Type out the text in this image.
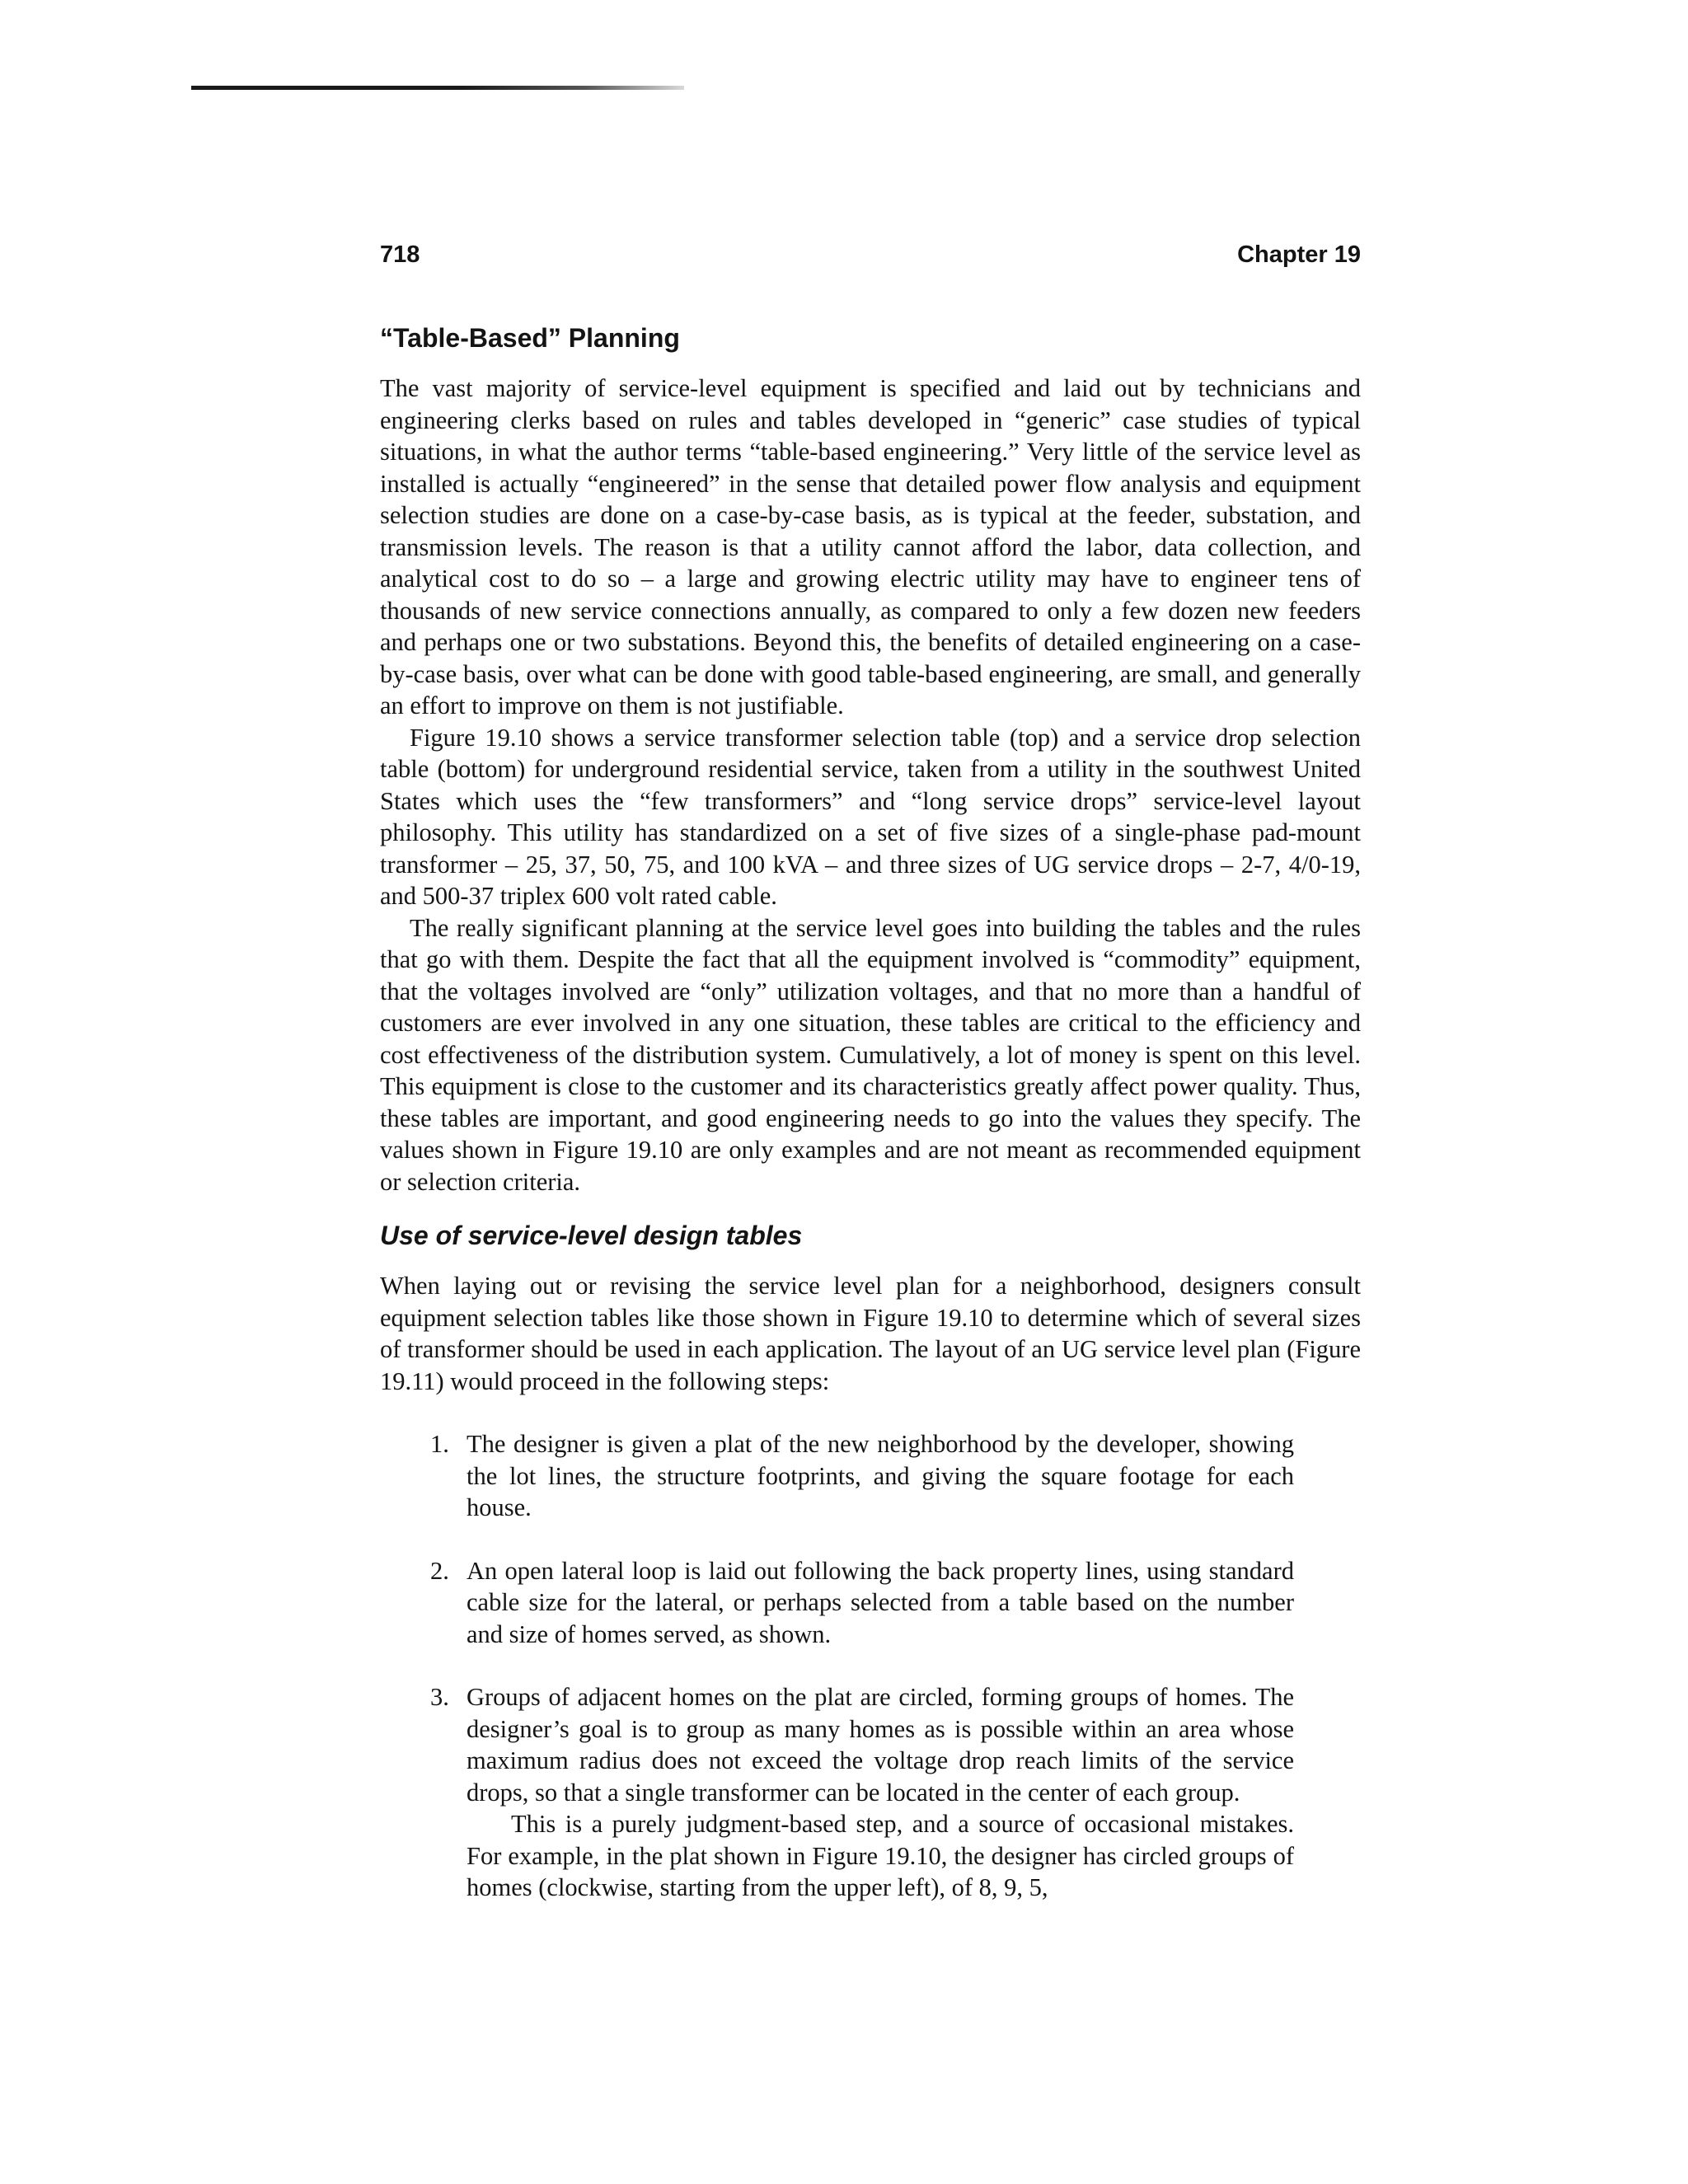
718	Chapter 19
“Table-Based” Planning

The vast majority of service-level equipment is specified and laid out by technicians and engineering clerks based on rules and tables developed in “generic” case studies of typical situations, in what the author terms “table-based engineering.” Very little of the service level as installed is actually “engineered” in the sense that detailed power flow analysis and equipment selection studies are done on a case-by-case basis, as is typical at the feeder, substation, and transmission levels. The reason is that a utility cannot afford the labor, data collection, and analytical cost to do so – a large and growing electric utility may have to engineer tens of thousands of new service connections annually, as compared to only a few dozen new feeders and perhaps one or two substations. Beyond this, the benefits of detailed engineering on a case-by-case basis, over what can be done with good table-based engineering, are small, and generally an effort to improve on them is not justifiable.

Figure 19.10 shows a service transformer selection table (top) and a service drop selection table (bottom) for underground residential service, taken from a utility in the southwest United States which uses the “few transformers” and “long service drops” service-level layout philosophy. This utility has standardized on a set of five sizes of a single-phase pad-mount transformer – 25, 37, 50, 75, and 100 kVA – and three sizes of UG service drops – 2-7, 4/0-19, and 500-37 triplex 600 volt rated cable.

The really significant planning at the service level goes into building the tables and the rules that go with them. Despite the fact that all the equipment involved is “commodity” equipment, that the voltages involved are “only” utilization voltages, and that no more than a handful of customers are ever involved in any one situation, these tables are critical to the efficiency and cost effectiveness of the distribution system. Cumulatively, a lot of money is spent on this level. This equipment is close to the customer and its characteristics greatly affect power quality. Thus, these tables are important, and good engineering needs to go into the values they specify. The values shown in Figure 19.10 are only examples and are not meant as recommended equipment or selection criteria.

Use of service-level design tables

When laying out or revising the service level plan for a neighborhood, designers consult equipment selection tables like those shown in Figure 19.10 to determine which of several sizes of transformer should be used in each application. The layout of an UG service level plan (Figure 19.11) would proceed in the following steps:

1. The designer is given a plat of the new neighborhood by the developer, showing the lot lines, the structure footprints, and giving the square footage for each house.

2. An open lateral loop is laid out following the back property lines, using standard cable size for the lateral, or perhaps selected from a table based on the number and size of homes served, as shown.

3. Groups of adjacent homes on the plat are circled, forming groups of homes. The designer’s goal is to group as many homes as is possible within an area whose maximum radius does not exceed the voltage drop reach limits of the service drops, so that a single transformer can be located in the center of each group.

This is a purely judgment-based step, and a source of occasional mistakes. For example, in the plat shown in Figure 19.10, the designer has circled groups of homes (clockwise, starting from the upper left), of 8, 9, 5,
